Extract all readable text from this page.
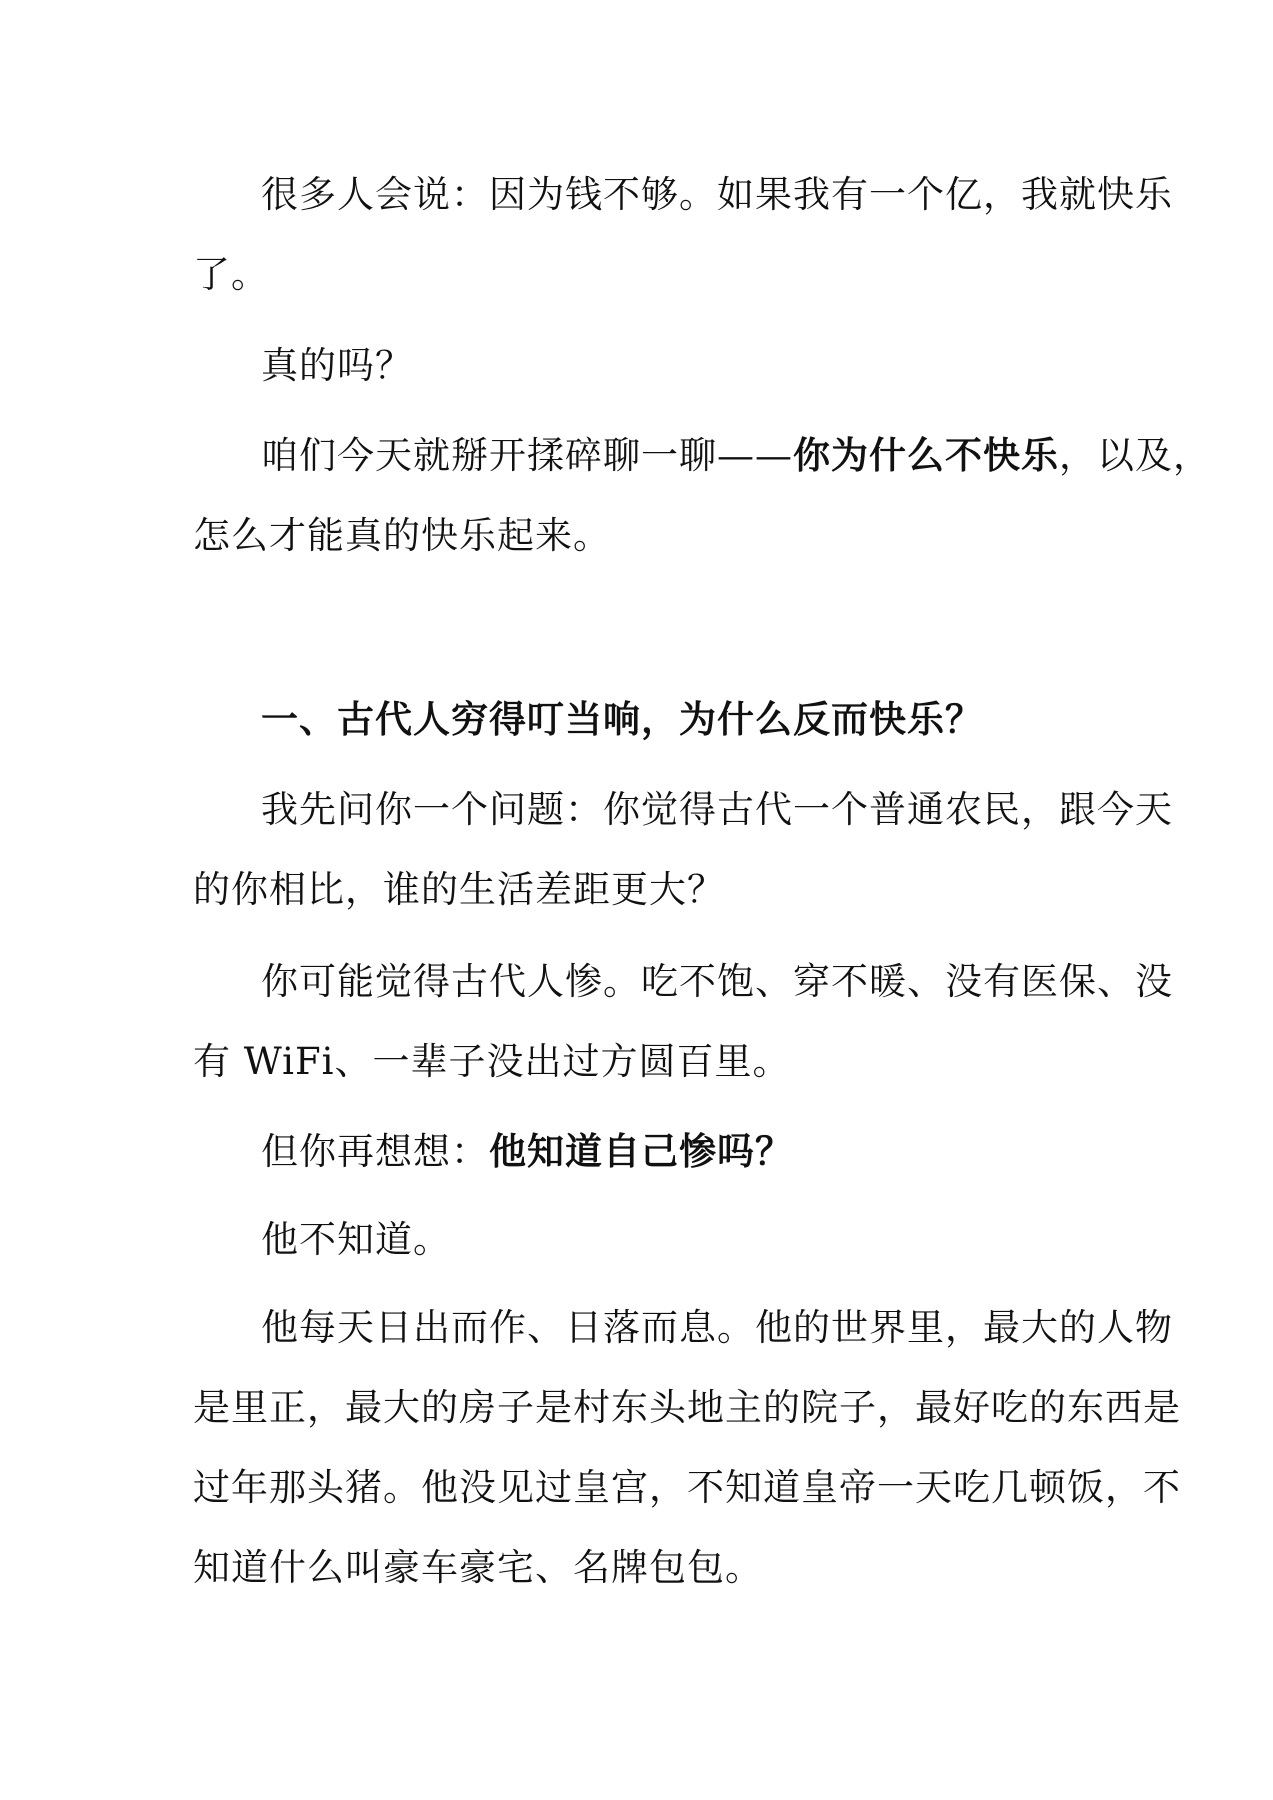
很多人会说：因为钱不够。如果我有一个亿，我就快乐
了。
真的吗？
咱们今天就掰开揉碎聊一聊——你为什么不快乐，以及，
怎么才能真的快乐起来。
一、古代人穷得叮当响，为什么反而快乐？
我先问你一个问题：你觉得古代一个普通农民，跟今天
的你相比，谁的生活差距更大？
你可能觉得古代人惨。吃不饱、穿不暖、没有医保、没
有 WiFi、一辈子没出过方圆百里。
但你再想想：他知道自己惨吗？
他不知道。
他每天日出而作、日落而息。他的世界里，最大的人物
是里正，最大的房子是村东头地主的院子，最好吃的东西是
过年那头猪。他没见过皇宫，不知道皇帝一天吃几顿饭，不
知道什么叫豪车豪宅、名牌包包。
